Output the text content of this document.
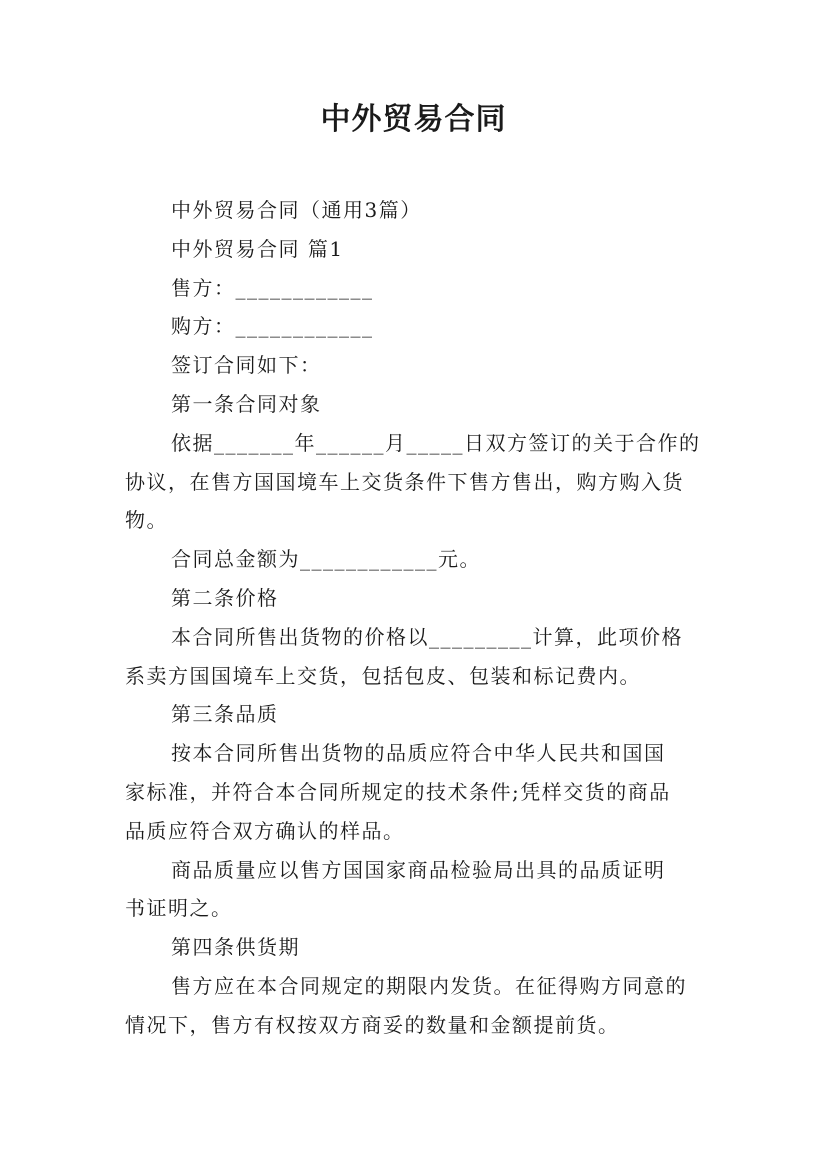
中外贸易合同
中外贸易合同（通用3篇）
中外贸易合同 篇1
售方：____________
购方：____________
签订合同如下：
第一条合同对象
依据_______年______月_____日双方签订的关于合作的
协议，在售方国国境车上交货条件下售方售出，购方购入货
物。
合同总金额为____________元。
第二条价格
本合同所售出货物的价格以_________计算，此项价格
系卖方国国境车上交货，包括包皮、包装和标记费内。
第三条品质
按本合同所售出货物的品质应符合中华人民共和国国
家标准，并符合本合同所规定的技术条件;凭样交货的商品
品质应符合双方确认的样品。
商品质量应以售方国国家商品检验局出具的品质证明
书证明之。
第四条供货期
售方应在本合同规定的期限内发货。在征得购方同意的
情况下，售方有权按双方商妥的数量和金额提前货。
